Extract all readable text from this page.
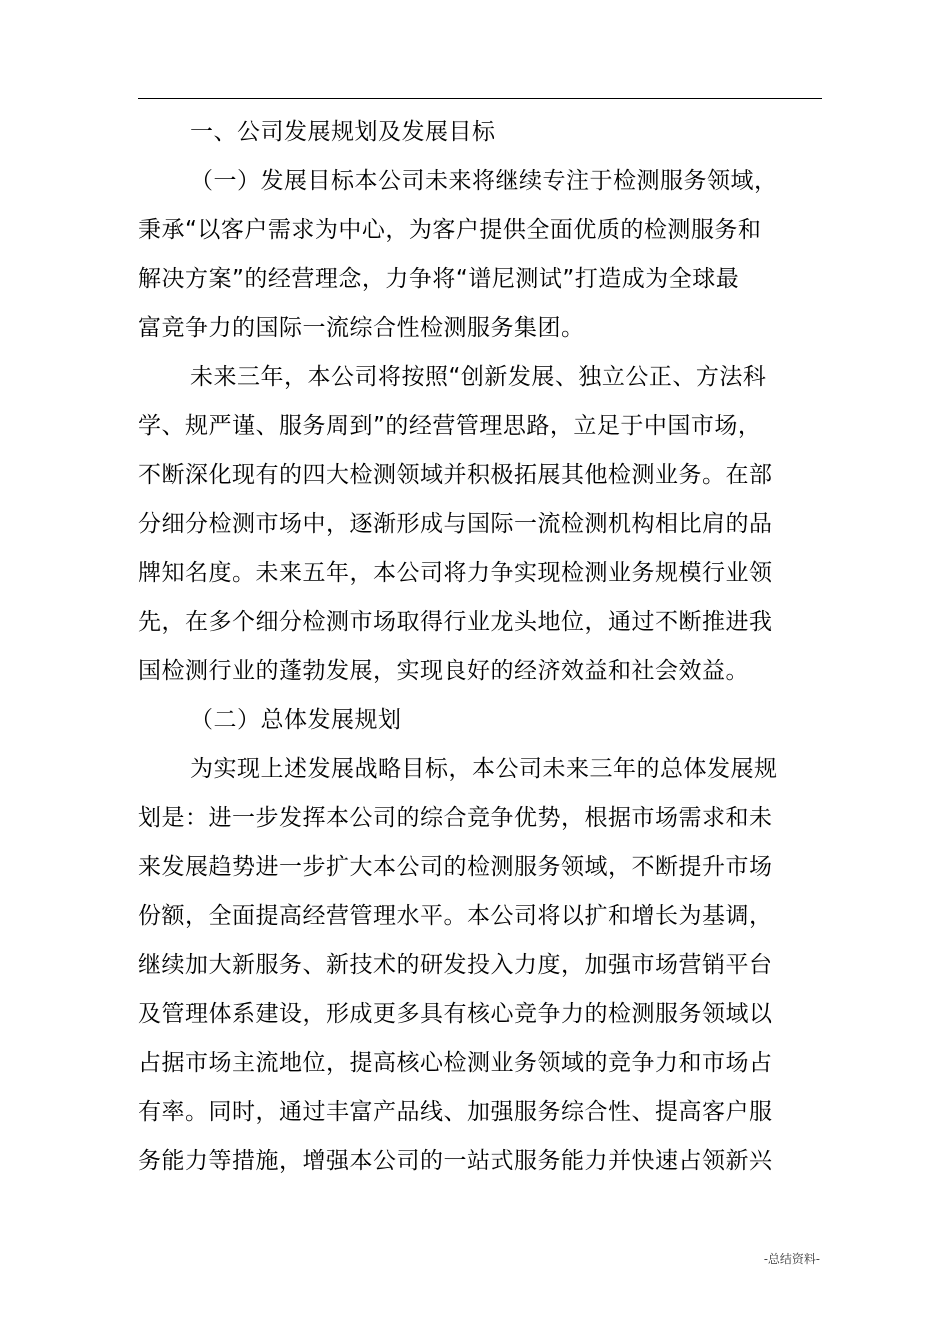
一、公司发展规划及发展目标
（一）发展目标本公司未来将继续专注于检测服务领域，
秉承“以客户需求为中心，为客户提供全面优质的检测服务和
解决方案”的经营理念，力争将“谱尼测试”打造成为全球最
富竞争力的国际一流综合性检测服务集团。
未来三年，本公司将按照“创新发展、独立公正、方法科
学、规严谨、服务周到”的经营管理思路，立足于中国市场，
不断深化现有的四大检测领域并积极拓展其他检测业务。在部
分细分检测市场中，逐渐形成与国际一流检测机构相比肩的品
牌知名度。未来五年，本公司将力争实现检测业务规模行业领
先，在多个细分检测市场取得行业龙头地位，通过不断推进我
国检测行业的蓬勃发展，实现良好的经济效益和社会效益。
（二）总体发展规划
为实现上述发展战略目标，本公司未来三年的总体发展规
划是：进一步发挥本公司的综合竞争优势，根据市场需求和未
来发展趋势进一步扩大本公司的检测服务领域，不断提升市场
份额，全面提高经营管理水平。本公司将以扩和增长为基调，
继续加大新服务、新技术的研发投入力度，加强市场营销平台
及管理体系建设，形成更多具有核心竞争力的检测服务领域以
占据市场主流地位，提高核心检测业务领域的竞争力和市场占
有率。同时，通过丰富产品线、加强服务综合性、提高客户服
务能力等措施，增强本公司的一站式服务能力并快速占领新兴
-总结资料-
